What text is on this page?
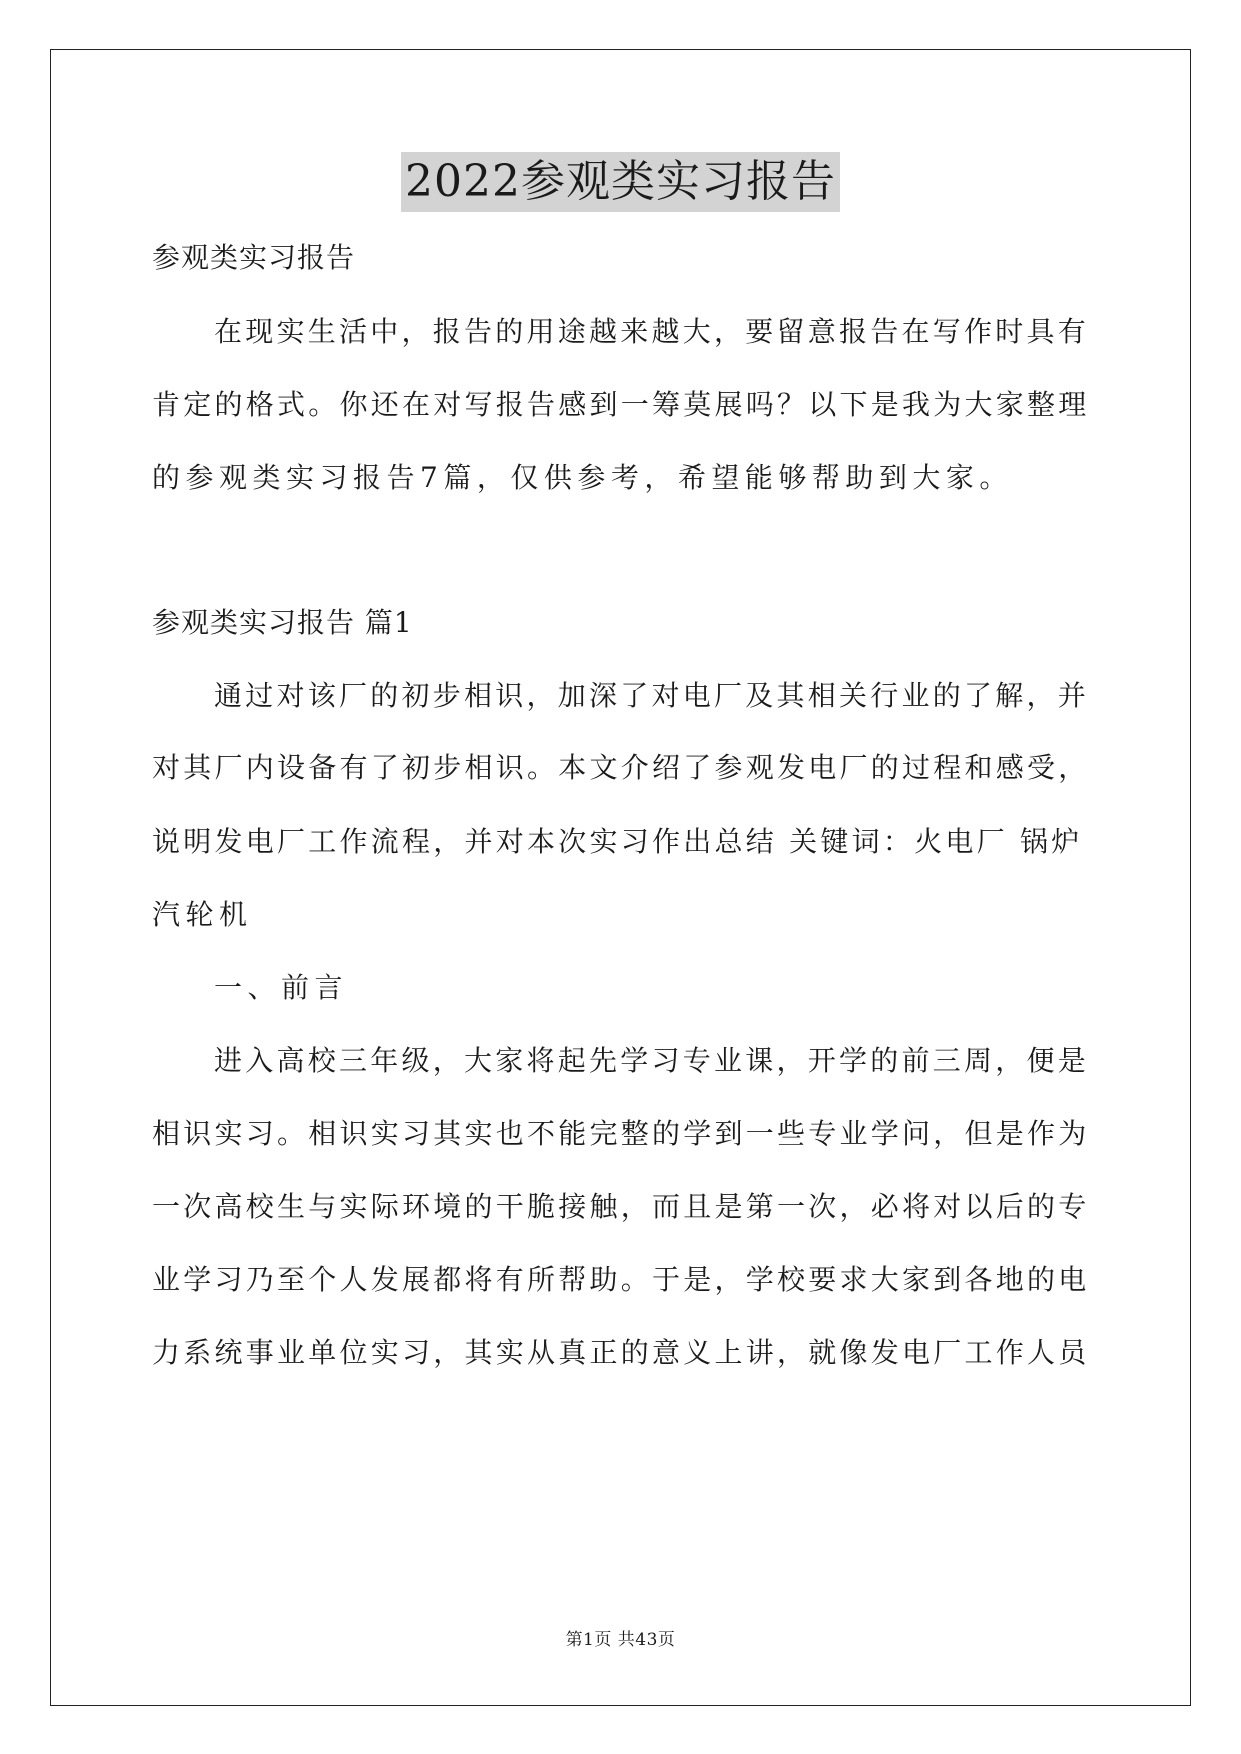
2022参观类实习报告
参观类实习报告
在现实生活中，报告的用途越来越大，要留意报告在写作时具有
肯定的格式。你还在对写报告感到一筹莫展吗？以下是我为大家整理
的参观类实习报告7篇，仅供参考，希望能够帮助到大家。
参观类实习报告 篇1
通过对该厂的初步相识，加深了对电厂及其相关行业的了解，并
对其厂内设备有了初步相识。本文介绍了参观发电厂的过程和感受，
说明发电厂工作流程，并对本次实习作出总结 关键词：火电厂 锅炉
汽轮机
一、前言
进入高校三年级，大家将起先学习专业课，开学的前三周，便是
相识实习。相识实习其实也不能完整的学到一些专业学问，但是作为
一次高校生与实际环境的干脆接触，而且是第一次，必将对以后的专
业学习乃至个人发展都将有所帮助。于是，学校要求大家到各地的电
力系统事业单位实习，其实从真正的意义上讲，就像发电厂工作人员
第1页 共43页
